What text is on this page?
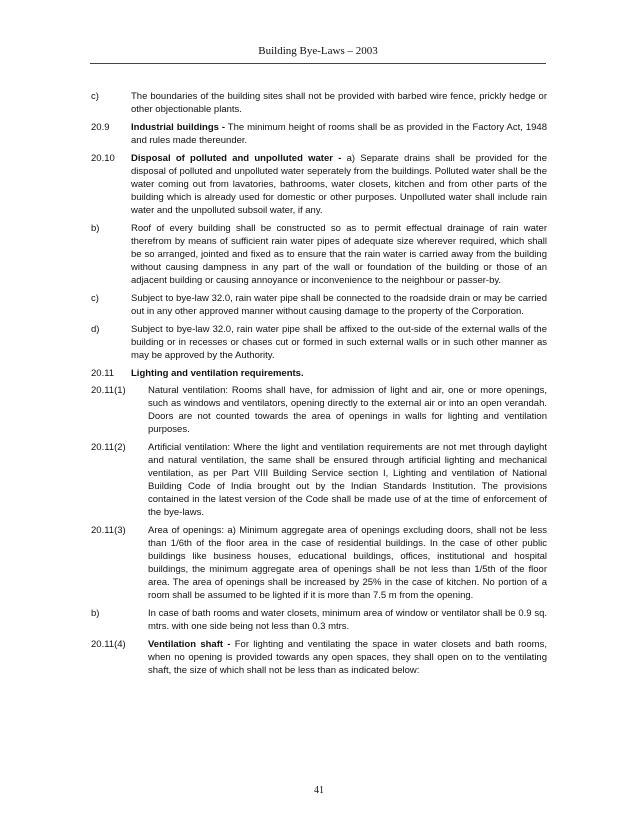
Building Bye-Laws – 2003
c)	The boundaries of the building sites shall not be provided with barbed wire fence, prickly hedge or other objectionable plants.
20.9	Industrial buildings - The minimum height of rooms shall be as provided in the Factory Act, 1948 and rules made thereunder.
20.10	Disposal of polluted and unpolluted water - a) Separate drains shall be provided for the disposal of polluted and unpolluted water seperately from the buildings. Polluted water shall be the water coming out from lavatories, bathrooms, water closets, kitchen and from other parts of the building which is already used for domestic or other purposes. Unpolluted water shall include rain water and the unpolluted subsoil water, if any.
b)	Roof of every building shall be constructed so as to permit effectual drainage of rain water therefrom by means of sufficient rain water pipes of adequate size wherever required, which shall be so arranged, jointed and fixed as to ensure that the rain water is carried away from the building without causing dampness in any part of the wall or foundation of the building or those of an adjacent building or causing annoyance or inconvenience to the neighbour or passer-by.
c)	Subject to bye-law 32.0, rain water pipe shall be connected to the roadside drain or may be carried out in any other approved manner without causing damage to the property of the Corporation.
d)	Subject to bye-law 32.0, rain water pipe shall be affixed to the out-side of the external walls of the building or in recesses or chases cut or formed in such external walls or in such other manner as may be approved by the Authority.
20.11	Lighting and ventilation requirements.
20.11(1)	Natural ventilation: Rooms shall have, for admission of light and air, one or more openings, such as windows and ventilators, opening directly to the external air or into an open verandah. Doors are not counted towards the area of openings in walls for lighting and ventilation purposes.
20.11(2)	Artificial ventilation: Where the light and ventilation requirements are not met through daylight and natural ventilation, the same shall be ensured through artificial lighting and mechanical ventilation, as per Part VIII Building Service section I, Lighting and ventilation of National Building Code of India brought out by the Indian Standards Institution. The provisions contained in the latest version of the Code shall be made use of at the time of enforcement of the bye-laws.
20.11(3)	Area of openings: a) Minimum aggregate area of openings excluding doors, shall not be less than 1/6th of the floor area in the case of residential buildings. In the case of other public buildings like business houses, educational buildings, offices, institutional and hospital buildings, the minimum aggregate area of openings shall be not less than 1/5th of the floor area. The area of openings shall be increased by 25% in the case of kitchen. No portion of a room shall be assumed to be lighted if it is more than 7.5 m from the opening.
b)	In case of bath rooms and water closets, minimum area of window or ventilator shall be 0.9 sq. mtrs. with one side being not less than 0.3 mtrs.
20.11(4)	Ventilation shaft - For lighting and ventilating the space in water closets and bath rooms, when no opening is provided towards any open spaces, they shall open on to the ventilating shaft, the size of which shall not be less than as indicated below:
41
